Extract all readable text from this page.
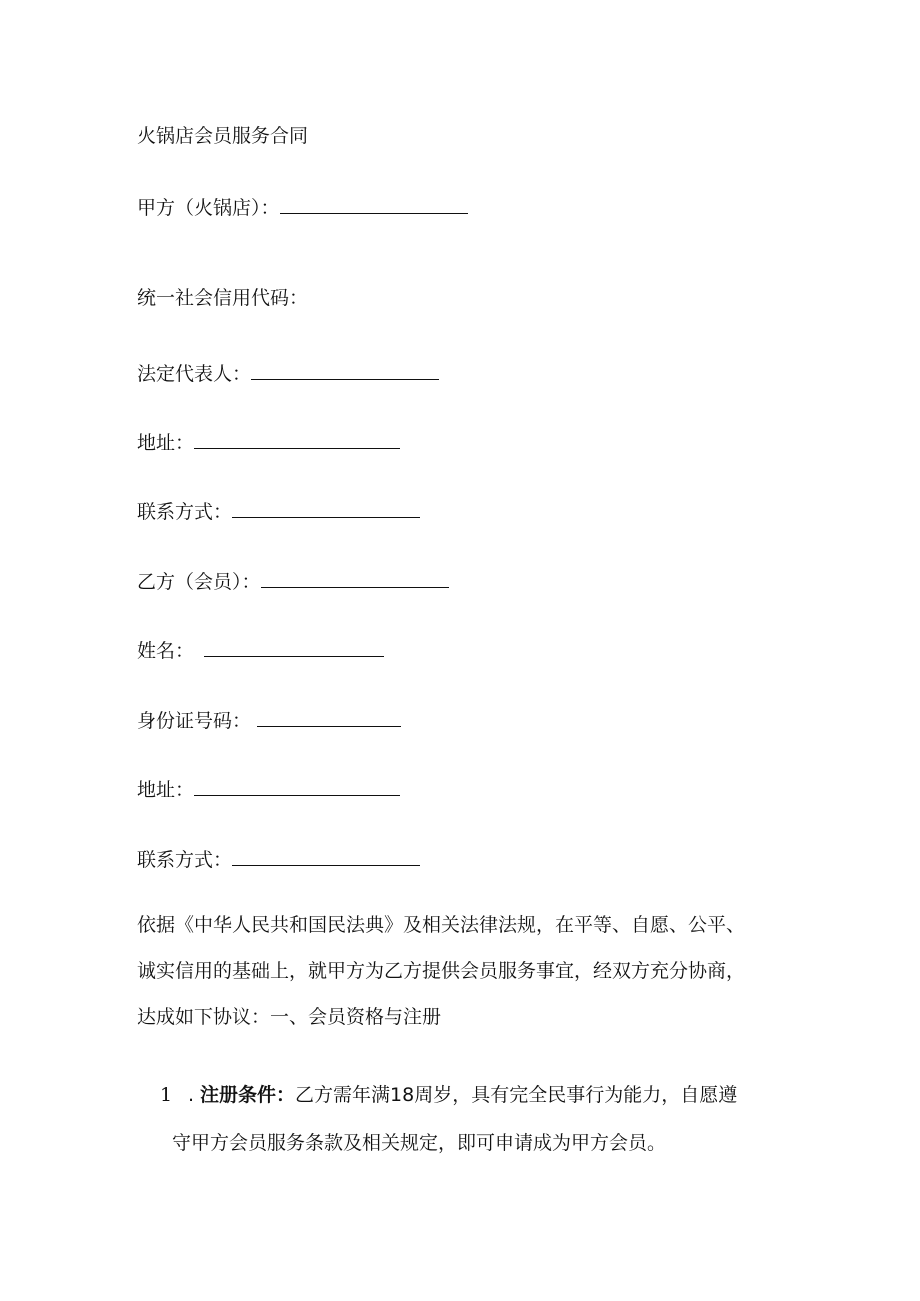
火锅店会员服务合同
甲方（火锅店）：
统一社会信用代码：
法定代表人：
地址：
联系方式：
乙方（会员）：
姓名：
身份证号码：
地址：
联系方式：

依据《中华人民共和国民法典》及相关法律法规，在平等、自愿、公平、

诚实信用的基础上，就甲方为乙方提供会员服务事宜，经双方充分协商，

达成如下协议：一、会员资格与注册

1 . 注册条件：乙方需年满18周岁，具有完全民事行为能力，自愿遵
守甲方会员服务条款及相关规定，即可申请成为甲方会员。
